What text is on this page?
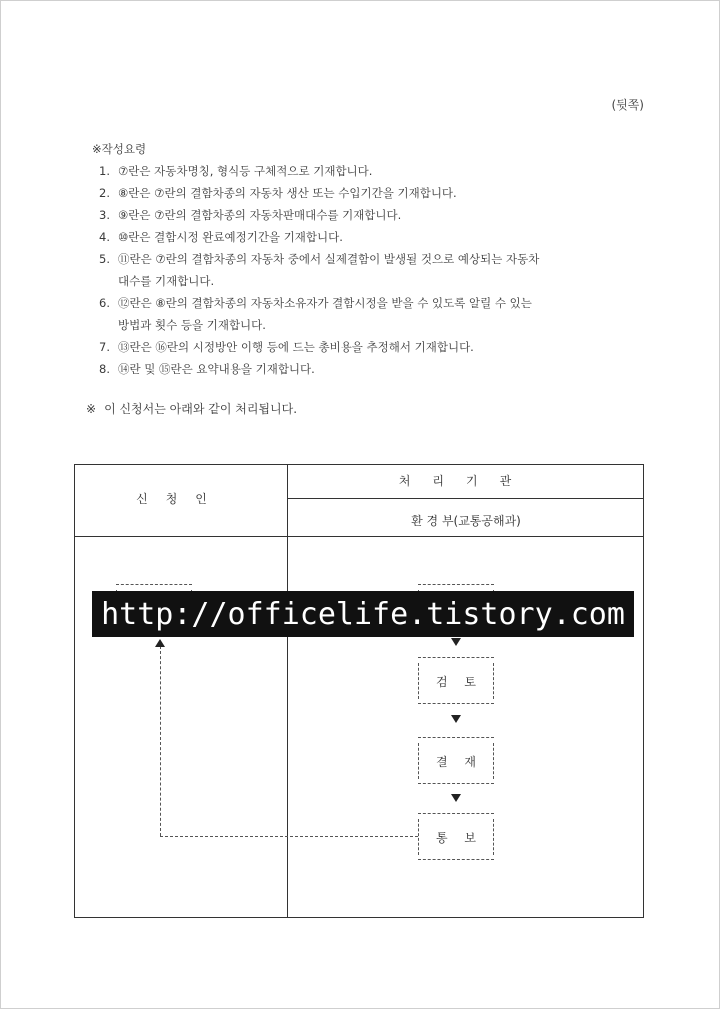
(뒷쪽)
※작성요령
1. ⑦란은 자동차명칭, 형식등 구체적으로 기재합니다.
2. ⑧란은 ⑦란의 결함차종의 자동차 생산 또는 수입기간을 기재합니다.
3. ⑨란은 ⑦란의 결함차종의 자동차판매대수를 기재합니다.
4. ⑩란은 결함시정 완료예정기간을 기재합니다.
5. ⑪란은 ⑦란의 결함차종의 자동차 중에서 실제결함이 발생될 것으로 예상되는 자동차
대수를 기재합니다.
6. ⑫란은 ⑧란의 결함차종의 자동차소유자가 결함시정을 받을 수 있도록 알릴 수 있는
방법과 횟수 등을 기재합니다.
7. ⑬란은 ⑯란의 시정방안 이행 등에 드는 총비용을 추정해서 기재합니다.
8. ⑭란 및 ⑮란은 요약내용을 기재합니다.
※ 이 신청서는 아래와 같이 처리됩니다.
신청인
처리기관
환 경 부(교통공해과)
검 토
결 재
통 보
http://officelife.tistory.com
